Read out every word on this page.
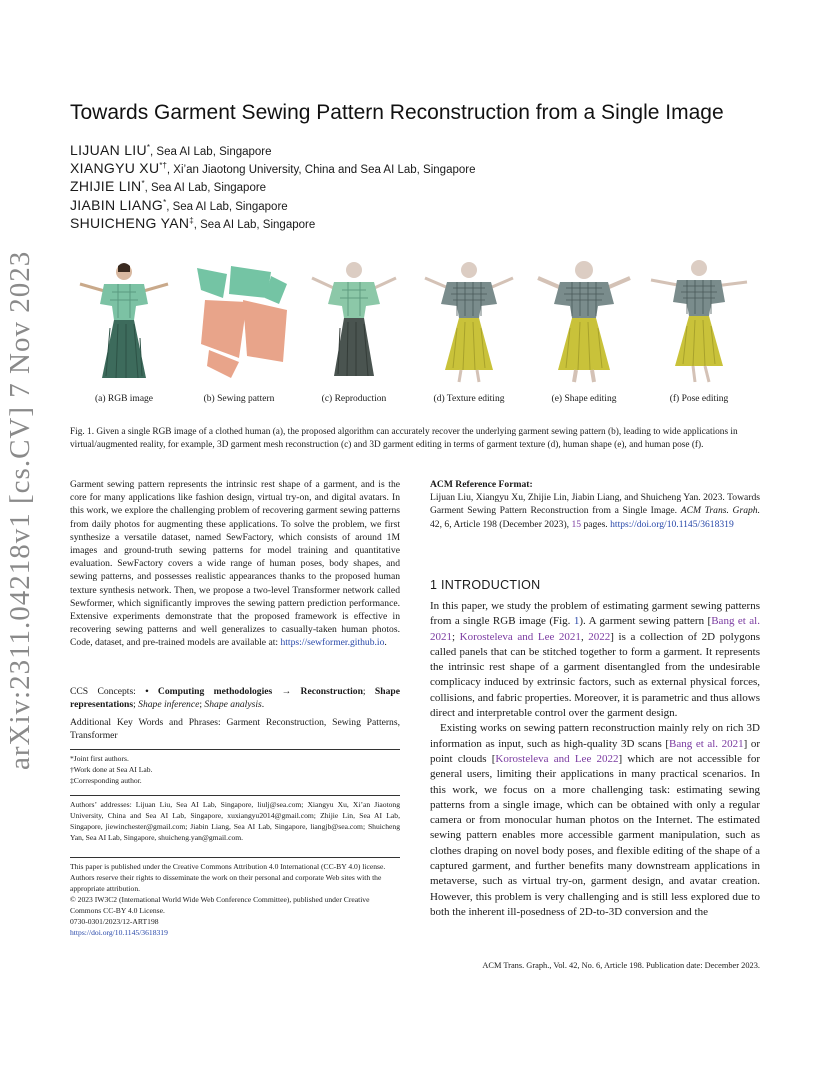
arXiv:2311.04218v1 [cs.CV] 7 Nov 2023
Towards Garment Sewing Pattern Reconstruction from a Single Image
LIJUAN LIU*, Sea AI Lab, Singapore
XIANGYU XU*†, Xi’an Jiaotong University, China and Sea AI Lab, Singapore
ZHIJIE LIN*, Sea AI Lab, Singapore
JIABIN LIANG*, Sea AI Lab, Singapore
SHUICHENG YAN‡, Sea AI Lab, Singapore
(a) RGB image	(b) Sewing pattern	(c) Reproduction	(d) Texture editing	(e) Shape editing	(f) Pose editing
Fig. 1. Given a single RGB image of a clothed human (a), the proposed algorithm can accurately recover the underlying garment sewing pattern (b), leading to wide applications in virtual/augmented reality, for example, 3D garment mesh reconstruction (c) and 3D garment editing in terms of garment texture (d), human shape (e), and human pose (f).

Garment sewing pattern represents the intrinsic rest shape of a garment, and is the core for many applications like fashion design, virtual try-on, and digital avatars. In this work, we explore the challenging problem of recovering garment sewing patterns from daily photos for augmenting these applications. To solve the problem, we first synthesize a versatile dataset, named SewFactory, which consists of around 1M images and ground-truth sewing patterns for model training and quantitative evaluation. SewFactory covers a wide range of human poses, body shapes, and sewing patterns, and possesses realistic appearances thanks to the proposed human texture synthesis network. Then, we propose a two-level Transformer network called Sewformer, which significantly improves the sewing pattern prediction performance. Extensive experiments demonstrate that the proposed framework is effective in recovering sewing patterns and well generalizes to casually-taken human photos. Code, dataset, and pre-trained models are available at: https://sewformer.github.io.

CCS Concepts: • Computing methodologies → Reconstruction; Shape representations; Shape inference; Shape analysis.

Additional Key Words and Phrases: Garment Reconstruction, Sewing Patterns, Transformer

*Joint first authors.
†Work done at Sea AI Lab.
‡Corresponding author.
Authors’ addresses: Lijuan Liu, Sea AI Lab, Singapore, liulj@sea.com; Xiangyu Xu, Xi’an Jiaotong University, China and Sea AI Lab, Singapore, xuxiangyu2014@gmail.com; Zhijie Lin, Sea AI Lab, Singapore, jiewinchester@gmail.com; Jiabin Liang, Sea AI Lab, Singapore, liangjb@sea.com; Shuicheng Yan, Sea AI Lab, Singapore, shuicheng.yan@gmail.com.
This paper is published under the Creative Commons Attribution 4.0 International (CC-BY 4.0) license. Authors reserve their rights to disseminate the work on their personal and corporate Web sites with the appropriate attribution.
© 2023 IW3C2 (International World Wide Web Conference Committee), published under Creative Commons CC-BY 4.0 License.
0730-0301/2023/12-ART198
https://doi.org/10.1145/3618319

ACM Reference Format:

Lijuan Liu, Xiangyu Xu, Zhijie Lin, Jiabin Liang, and Shuicheng Yan. 2023. Towards Garment Sewing Pattern Reconstruction from a Single Image. ACM Trans. Graph. 42, 6, Article 198 (December 2023), 15 pages. https://doi.org/10.1145/3618319

1 INTRODUCTION

In this paper, we study the problem of estimating garment sewing patterns from a single RGB image (Fig. 1). A garment sewing pattern [Bang et al. 2021; Korosteleva and Lee 2021, 2022] is a collection of 2D polygons called panels that can be stitched together to form a garment. It represents the intrinsic rest shape of a garment disentangled from the undesirable complicacy induced by extrinsic factors, such as external physical forces, collisions, and fabric properties. Moreover, it is parametric and thus allows direct and interpretable control over the garment design.

Existing works on sewing pattern reconstruction mainly rely on rich 3D information as input, such as high-quality 3D scans [Bang et al. 2021] or point clouds [Korosteleva and Lee 2022] which are not accessible for general users, limiting their applications in many practical scenarios. In this work, we focus on a more challenging task: estimating sewing patterns from a single image, which can be obtained with only a regular camera or from monocular human photos on the Internet. The estimated sewing pattern enables more accessible garment manipulation, such as clothes draping on novel body poses, and flexible editing of the shape of a captured garment, and further benefits many downstream applications in metaverse, such as virtual try-on, garment design, and avatar creation. However, this problem is very challenging and is still less explored due to both the inherent ill-posedness of 2D-to-3D conversion and the

ACM Trans. Graph., Vol. 42, No. 6, Article 198. Publication date: December 2023.
